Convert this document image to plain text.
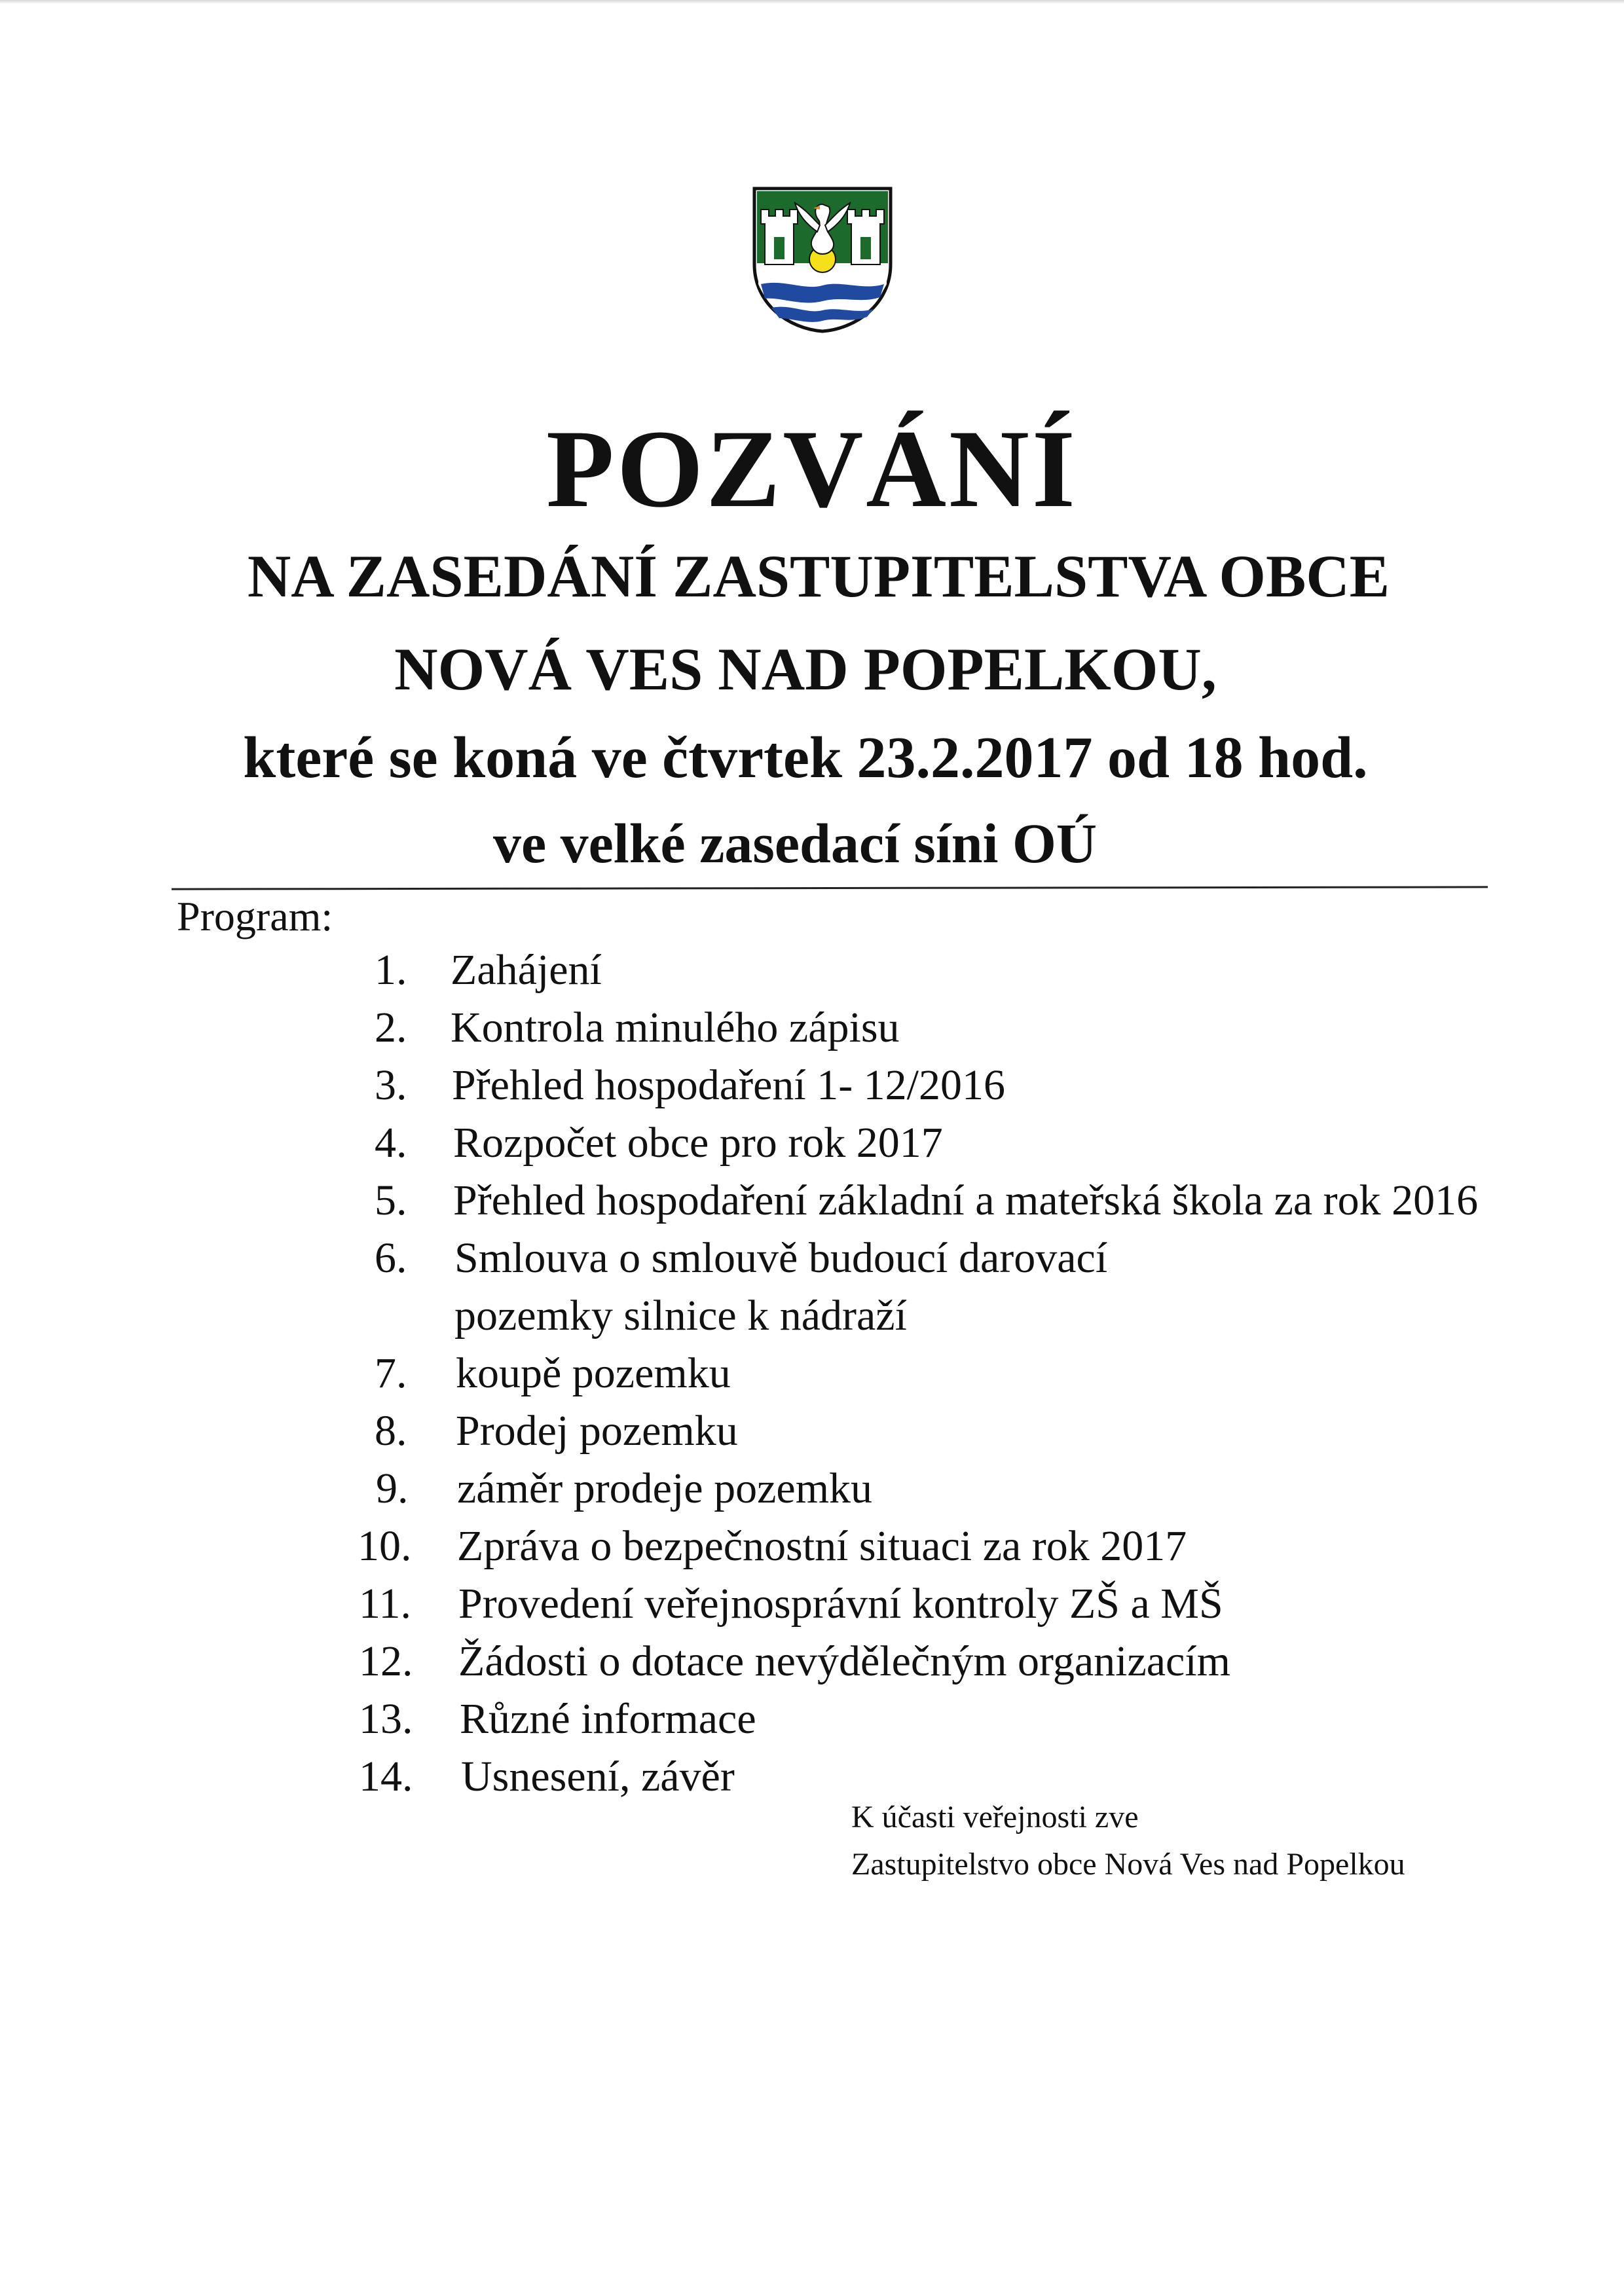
POZVÁNÍ
NA ZASEDÁNÍ ZASTUPITELSTVA OBCE
NOVÁ VES NAD POPELKOU,
které se koná ve čtvrtek 23.2.2017 od 18 hod.
ve velké zasedací síni OÚ
Program:
1. Zahájení
2. Kontrola minulého zápisu
3. Přehled hospodaření 1- 12/2016
4. Rozpočet obce pro rok 2017
5. Přehled hospodaření základní a mateřská škola za rok 2016
6. Smlouva o smlouvě budoucí darovací
pozemky silnice k nádraží
7. koupě pozemku
8. Prodej pozemku
9. záměr prodeje pozemku
10. Zpráva o bezpečnostní situaci za rok 2017
11. Provedení veřejnosprávní kontroly ZŠ a MŠ
12. Žádosti o dotace nevýdělečným organizacím
13. Různé informace
14. Usnesení, závěr
K účasti veřejnosti zve
Zastupitelstvo obce Nová Ves nad Popelkou
